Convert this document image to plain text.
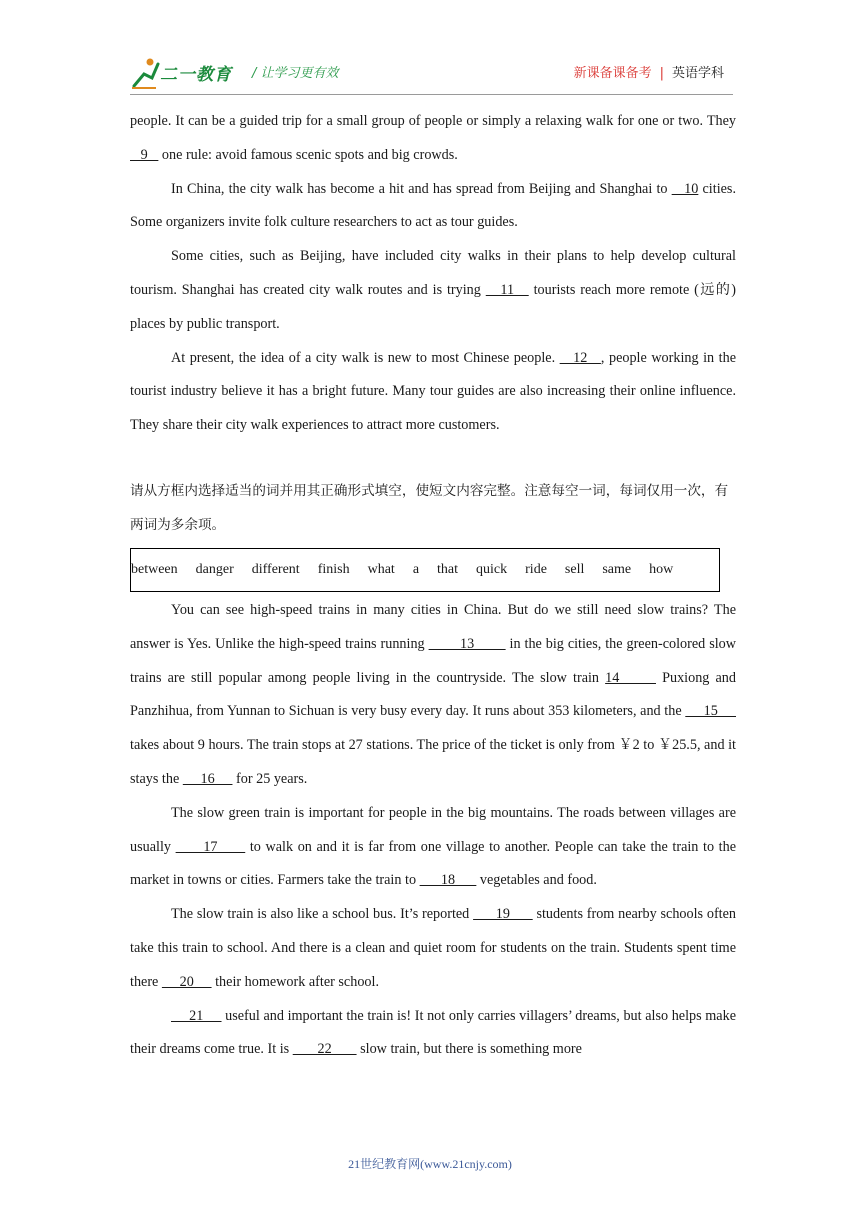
二一教育 / 让学习更有效	新课备课备考 | 英语学科

people. It can be a guided trip for a small group of people or simply a relaxing walk for one or two. They    9    one rule: avoid famous scenic spots and big crowds.

In China, the city walk has become a hit and has spread from Beijing and Shanghai to    10 cities. Some organizers invite folk culture researchers to act as tour guides.

Some cities, such as Beijing, have included city walks in their plans to help develop cultural tourism. Shanghai has created city walk routes and is trying    11    tourists reach more remote (远的) places by public transport.

At present, the idea of a city walk is new to most Chinese people.    12   , people working in the tourist industry believe it has a bright future. Many tour guides are also increasing their online influence. They share their city walk experiences to attract more customers.

请从方框内选择适当的词并用其正确形式填空，使短文内容完整。注意每空一词，每词仅用一次，有两词为多余项。

between danger different finish what a that quick ride sell same how

You can see high-speed trains in many cities in China. But do we still need slow trains? The answer is Yes. Unlike the high-speed trains running         13         in the big cities, the green-colored slow trains are still popular among people living in the countryside. The slow train 14       Puxiong and Panzhihua, from Yunnan to Sichuan is very busy every day. It runs about 353 kilometers, and the      15      takes about 9 hours. The train stops at 27 stations. The price of the ticket is only from ￥2 to ￥25.5, and it stays the      16      for 25 years.

The slow green train is important for people in the big mountains. The roads between villages are usually       17       to walk on and it is far from one village to another. People can take the train to the market in towns or cities. Farmers take the train to       18       vegetables and food.

The slow train is also like a school bus. It’s reported       19       students from nearby schools often take this train to school. And there is a clean and quiet room for students on the train. Students spent time there      20      their homework after school.

21      useful and important the train is! It not only carries villagers’ dreams, but also helps make their dreams come true. It is        22        slow train, but there is something more

21世纪教育网(www.21cnjy.com)
